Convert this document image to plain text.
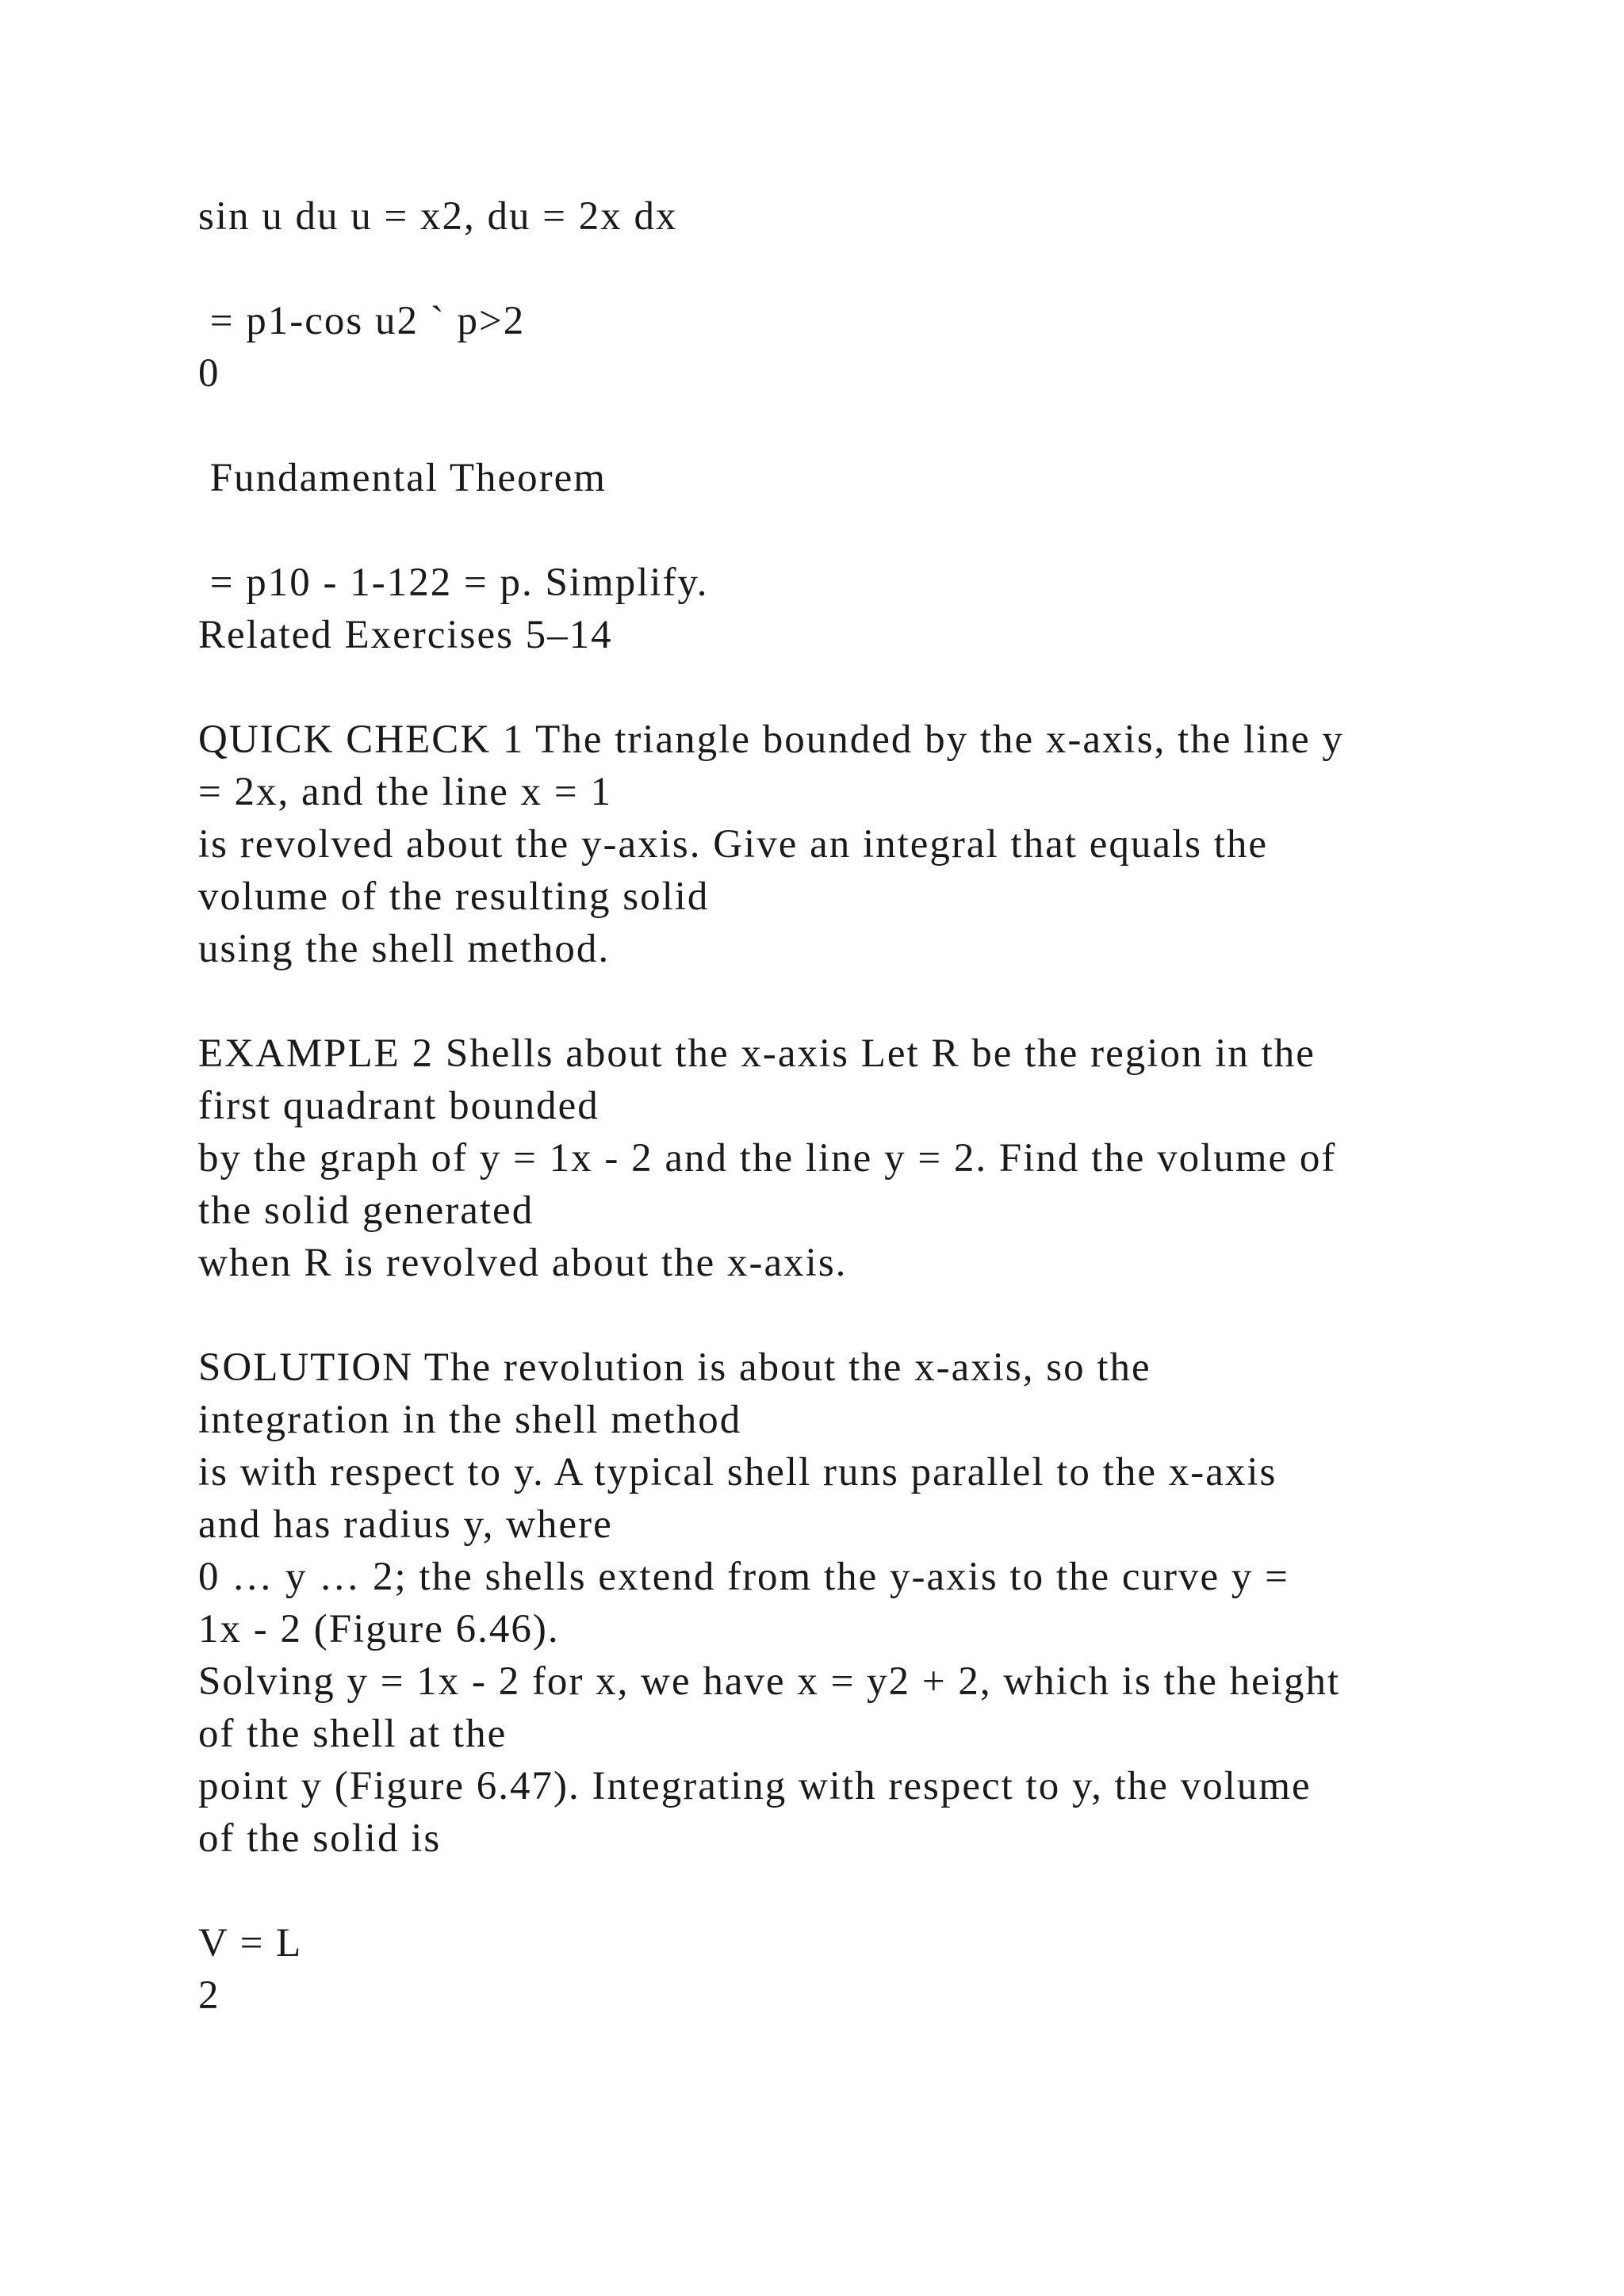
sin u du u = x2, du = 2x dx
= p1-cos u2 ` p>2
0
Fundamental Theorem
= p10 - 1-122 = p. Simplify.
Related Exercises 5–14
QUICK CHECK 1 The triangle bounded by the x-axis, the line y
= 2x, and the line x = 1
is revolved about the y-axis. Give an integral that equals the
volume of the resulting solid
using the shell method.
EXAMPLE 2 Shells about the x-axis Let R be the region in the
first quadrant bounded
by the graph of y = 1x - 2 and the line y = 2. Find the volume of
the solid generated
when R is revolved about the x-axis.
SOLUTION The revolution is about the x-axis, so the
integration in the shell method
is with respect to y. A typical shell runs parallel to the x-axis
and has radius y, where
0 … y … 2; the shells extend from the y-axis to the curve y =
1x - 2 (Figure 6.46).
Solving y = 1x - 2 for x, we have x = y2 + 2, which is the height
of the shell at the
point y (Figure 6.47). Integrating with respect to y, the volume
of the solid is
V = L
2
